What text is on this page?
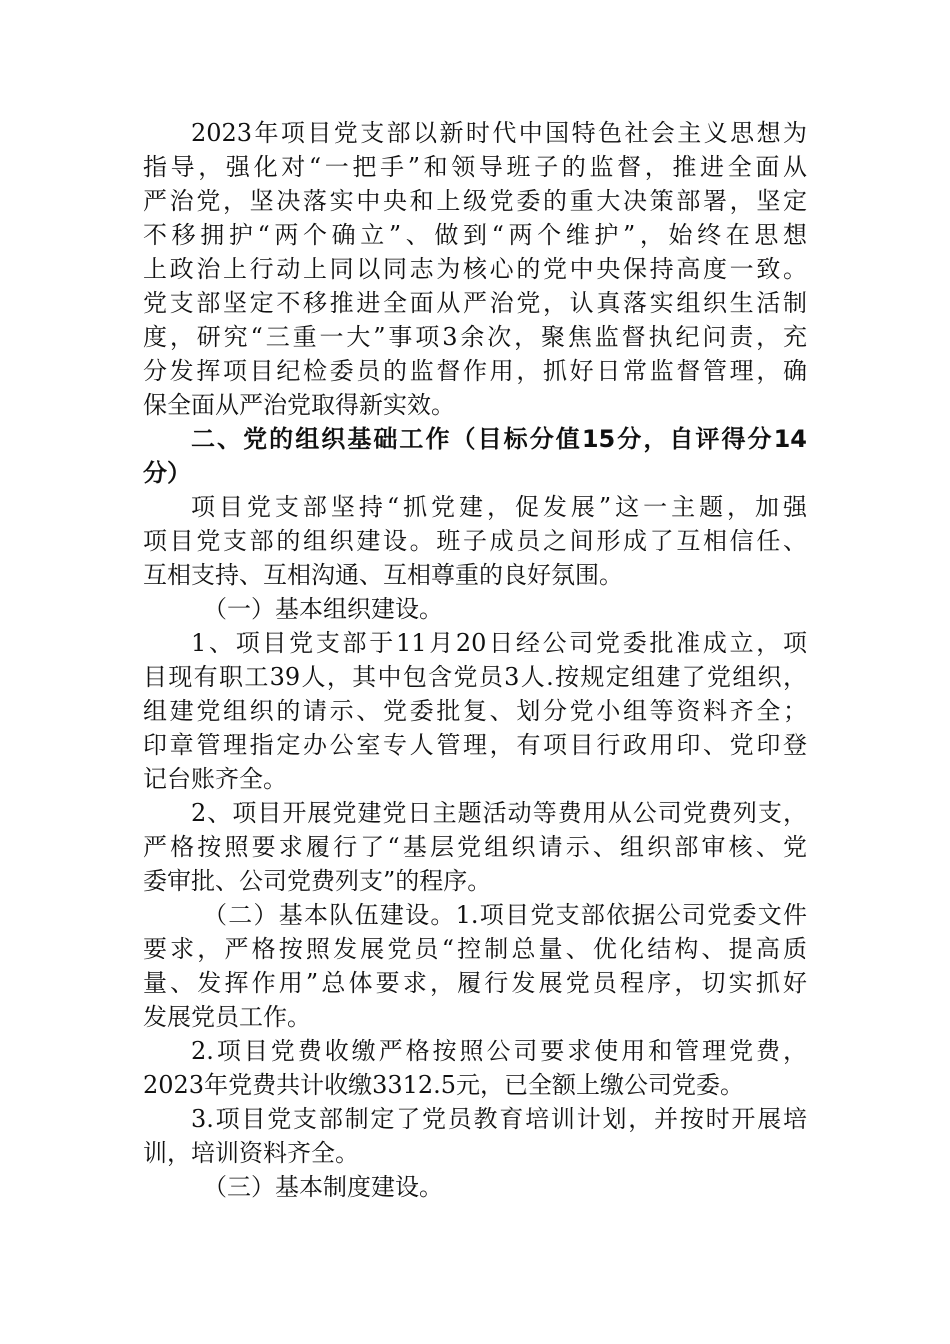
2023年项目党支部以新时代中国特色社会主义思想为
指导，强化对“一把手”和领导班子的监督，推进全面从
严治党，坚决落实中央和上级党委的重大决策部署，坚定
不移拥护“两个确立”、做到“两个维护”，始终在思想
上政治上行动上同以同志为核心的党中央保持高度一致。
党支部坚定不移推进全面从严治党，认真落实组织生活制
度，研究“三重一大”事项3余次，聚焦监督执纪问责，充
分发挥项目纪检委员的监督作用，抓好日常监督管理，确
保全面从严治党取得新实效。
二、党的组织基础工作（目标分值15分，自评得分14
分）
项目党支部坚持“抓党建，促发展”这一主题，加强
项目党支部的组织建设。班子成员之间形成了互相信任、
互相支持、互相沟通、互相尊重的良好氛围。
（一）基本组织建设。
1、项目党支部于11月20日经公司党委批准成立，项
目现有职工39人，其中包含党员3人.按规定组建了党组织，
组建党组织的请示、党委批复、划分党小组等资料齐全；
印章管理指定办公室专人管理，有项目行政用印、党印登
记台账齐全。
2、项目开展党建党日主题活动等费用从公司党费列支，
严格按照要求履行了“基层党组织请示、组织部审核、党
委审批、公司党费列支”的程序。
（二）基本队伍建设。1.项目党支部依据公司党委文件
要求，严格按照发展党员“控制总量、优化结构、提高质
量、发挥作用”总体要求，履行发展党员程序，切实抓好
发展党员工作。
2.项目党费收缴严格按照公司要求使用和管理党费，
2023年党费共计收缴3312.5元，已全额上缴公司党委。
3.项目党支部制定了党员教育培训计划，并按时开展培
训，培训资料齐全。
（三）基本制度建设。
